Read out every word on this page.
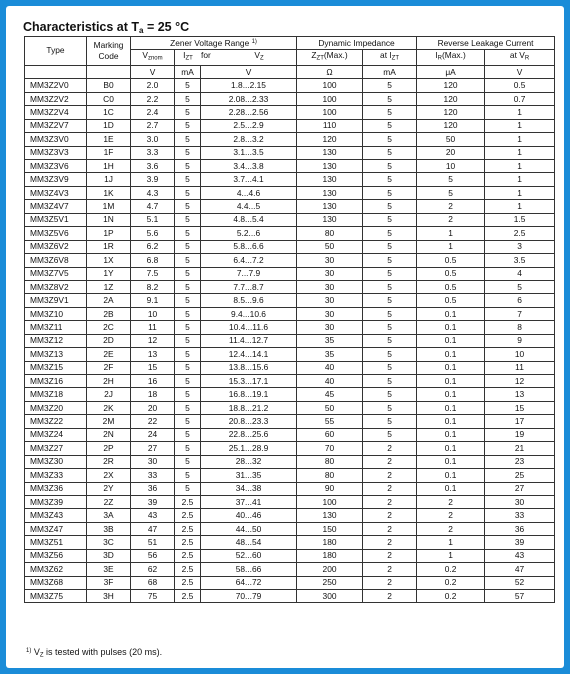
Characteristics at $T_a = 25$ °C
Type	Marking
Code	Zener Voltage Range $^{1)}$			Dynamic Impedance		Reverse Leakage Current	
		$V_{znom}$	$I_{ZT}$ for $V_Z$		$Z_{ZT}(Max.)$	at $I_{ZT}$	$I_R(Max.)$	at $V_R$
		V	mA	V	Ω	mA	μA	V
MM3Z2V0	B0	2.0	5	1.8...2.15	100	5	120	0.5
MM3Z2V2	C0	2.2	5	2.08...2.33	100	5	120	0.7
MM3Z2V4	1C	2.4	5	2.28...2.56	100	5	120	1
MM3Z2V7	1D	2.7	5	2.5...2.9	110	5	120	1
MM3Z3V0	1E	3.0	5	2.8...3.2	120	5	50	1
MM3Z3V3	1F	3.3	5	3.1...3.5	130	5	20	1
MM3Z3V6	1H	3.6	5	3.4...3.8	130	5	10	1
MM3Z3V9	1J	3.9	5	3.7...4.1	130	5	5	1
MM3Z4V3	1K	4.3	5	4...4.6	130	5	5	1
MM3Z4V7	1M	4.7	5	4.4...5	130	5	2	1
MM3Z5V1	1N	5.1	5	4.8...5.4	130	5	2	1.5
MM3Z5V6	1P	5.6	5	5.2...6	80	5	1	2.5
MM3Z6V2	1R	6.2	5	5.8...6.6	50	5	1	3
MM3Z6V8	1X	6.8	5	6.4...7.2	30	5	0.5	3.5
MM3Z7V5	1Y	7.5	5	7...7.9	30	5	0.5	4
MM3Z8V2	1Z	8.2	5	7.7...8.7	30	5	0.5	5
MM3Z9V1	2A	9.1	5	8.5...9.6	30	5	0.5	6
MM3Z10	2B	10	5	9.4...10.6	30	5	0.1	7
MM3Z11	2C	11	5	10.4...11.6	30	5	0.1	8
MM3Z12	2D	12	5	11.4...12.7	35	5	0.1	9
MM3Z13	2E	13	5	12.4...14.1	35	5	0.1	10
MM3Z15	2F	15	5	13.8...15.6	40	5	0.1	11
MM3Z16	2H	16	5	15.3...17.1	40	5	0.1	12
MM3Z18	2J	18	5	16.8...19.1	45	5	0.1	13
MM3Z20	2K	20	5	18.8...21.2	50	5	0.1	15
MM3Z22	2M	22	5	20.8...23.3	55	5	0.1	17
MM3Z24	2N	24	5	22.8...25.6	60	5	0.1	19
MM3Z27	2P	27	5	25.1...28.9	70	2	0.1	21
MM3Z30	2R	30	5	28...32	80	2	0.1	23
MM3Z33	2X	33	5	31...35	80	2	0.1	25
MM3Z36	2Y	36	5	34...38	90	2	0.1	27
MM3Z39	2Z	39	2.5	37...41	100	2	2	30
MM3Z43	3A	43	2.5	40...46	130	2	2	33
MM3Z47	3B	47	2.5	44...50	150	2	2	36
MM3Z51	3C	51	2.5	48...54	180	2	1	39
MM3Z56	3D	56	2.5	52...60	180	2	1	43
MM3Z62	3E	62	2.5	58...66	200	2	0.2	47
MM3Z68	3F	68	2.5	64...72	250	2	0.2	52
MM3Z75	3H	75	2.5	70...79	300	2	0.2	57
$^{1)}$ $V_Z$ is tested with pulses (20 ms).
